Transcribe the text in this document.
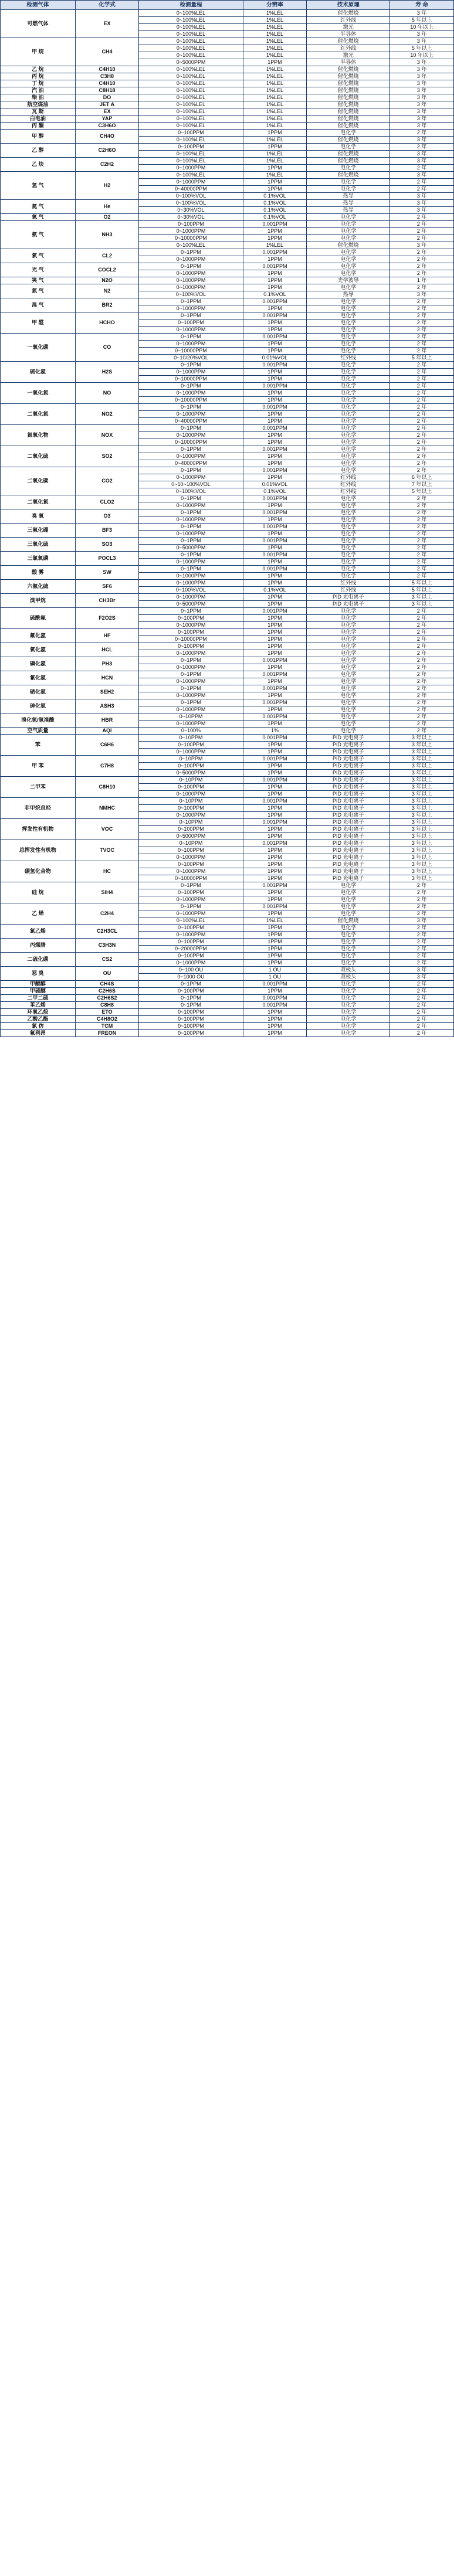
检测气体	化学式	检测量程	分辨率	技术原理	寿 命
可燃气体	EX	0~100%LEL	1%LEL	催化燃烧	3 年
		0~100%LEL	1%LEL	红外线	5 年以上
		0~100%LEL	1%LEL	激光	10 年以上
		0~100%LEL	1%LEL	半导体	3 年
甲 烷	CH4	0~100%LEL	1%LEL	催化燃烧	3 年
		0~100%LEL	1%LEL	红外线	5 年以上
		0~100%LEL	1%LEL	激光	10 年以上
		0~5000PPM	1PPM	半导体	3 年
乙 烷	C4H10	0~100%LEL	1%LEL	催化燃烧	3 年
丙 烷	C3H8	0~100%LEL	1%LEL	催化燃烧	3 年
丁 烷	C4H10	0~100%LEL	1%LEL	催化燃烧	3 年
汽 油	C8H18	0~100%LEL	1%LEL	催化燃烧	3 年
柴 油	DO	0~100%LEL	1%LEL	催化燃烧	3 年
航空煤油	JET A	0~100%LEL	1%LEL	催化燃烧	3 年
瓦 斯	EX	0~100%LEL	1%LEL	催化燃烧	3 年
白电油	YAP	0~100%LEL	1%LEL	催化燃烧	3 年
丙 酮	C3H6O	0~100%LEL	1%LEL	催化燃烧	3 年
甲 醇	CH4O	0~100PPM	1PPM	电化学	2 年
		0~100%LEL	1%LEL	催化燃烧	3 年
乙 醇	C2H6O	0~100PPM	1PPM	电化学	2 年
		0~100%LEL	1%LEL	催化燃烧	3 年
乙 炔	C2H2	0~100%LEL	1%LEL	催化燃烧	3 年
		0~1000PPM	1PPM	电化学	2 年
氢 气	H2	0~100%LEL	1%LEL	催化燃烧	3 年
		0~1000PPM	1PPM	电化学	2 年
		0~40000PPM	1PPM	电化学	2 年
		0~100%VOL	0.1%VOL	热导	3 年
氦 气	He	0~100%VOL	0.1%VOL	热导	3 年
		0~30%VOL	0.1%VOL	热导	3 年
氧 气	O2	0~30%VOL	0.1%VOL	电化学	2 年
氨 气	NH3	0~100PPM	0.001PPM	电化学	2 年
		0~1000PPM	1PPM	电化学	2 年
		0~10000PPM	1PPM	电化学	2 年
		0~100%LEL	1%LEL	催化燃烧	3 年
氯 气	CL2	0~1PPM	0.001PPM	电化学	2 年
		0~1000PPM	1PPM	电化学	2 年
光 气	COCL2	0~1PPM	0.001PPM	电化学	2 年
		0~1000PPM	1PPM	电化学	2 年
笑 气	N2O	0~1000PPM	1PPM	光学波导	1 年
氮 气	N2	0~1000PPM	1PPM	电化学	2 年
		0~100%VOL	0.1%VOL	热导	3 年
溴 气	BR2	0~1PPM	0.001PPM	电化学	2 年
		0~1000PPM	1PPM	电化学	2 年
甲 醛	HCHO	0~1PPM	0.001PPM	电化学	2 年
		0~100PPM	1PPM	电化学	2 年
		0~1000PPM	1PPM	电化学	2 年
一氧化碳	CO	0~1PPM	0.001PPM	电化学	2 年
		0~1000PPM	1PPM	电化学	2 年
		0~10000PPM	1PPM	电化学	2 年
		0~10/20%VOL	0.01%VOL	红外线	5 年以上
硫化氢	H2S	0~1PPM	0.001PPM	电化学	2 年
		0~1000PPM	1PPM	电化学	2 年
		0~10000PPM	1PPM	电化学	2 年
一氧化氮	NO	0~1PPM	0.001PPM	电化学	2 年
		0~1000PPM	1PPM	电化学	2 年
		0~10000PPM	1PPM	电化学	2 年
二氧化氮	NO2	0~1PPM	0.001PPM	电化学	2 年
		0~1000PPM	1PPM	电化学	2 年
		0~40000PPM	1PPM	电化学	2 年
氮氧化物	NOX	0~1PPM	0.001PPM	电化学	2 年
		0~1000PPM	1PPM	电化学	2 年
		0~10000PPM	1PPM	电化学	2 年
二氧化硫	SO2	0~1PPM	0.001PPM	电化学	2 年
		0~1000PPM	1PPM	电化学	2 年
		0~40000PPM	1PPM	电化学	2 年
二氧化碳	CO2	0~1PPM	0.001PPM	电化学	2 年
		0~1000PPM	1PPM	红外线	6 年以上
		0~10~100%VOL	0.01%VOL	红外线	7 年以上
		0~100%VOL	0.1%VOL	红外线	5 年以上
二氧化氯	CLO2	0~1PPM	0.001PPM	电化学	2 年
		0~1000PPM	1PPM	电化学	2 年
臭 氧	O3	0~1PPM	0.001PPM	电化学	2 年
		0~1000PPM	1PPM	电化学	2 年
三氟化硼	BF3	0~1PPM	0.001PPM	电化学	2 年
		0~1000PPM	1PPM	电化学	2 年
三氧化硫	SO3	0~1PPM	0.001PPM	电化学	2 年
		0~5000PPM	1PPM	电化学	2 年
三氯氧磷	POCL3	0~1PPM	0.001PPM	电化学	2 年
		0~1000PPM	1PPM	电化学	2 年
酸 雾	SW	0~1PPM	0.001PPM	电化学	2 年
		0~1000PPM	1PPM	电化学	2 年
六氟化硫	SF6	0~1000PPM	1PPM	红外线	5 年以上
		0~100%VOL	0.1%VOL	红外线	5 年以上
溴甲烷	CH3Br	0~1000PPM	1PPM	PID 光电离子	3 年以上
		0~5000PPM	1PPM	PID 光电离子	3 年以上
硫酰氟	F2O2S	0~1PPM	0.001PPM	电化学	2 年
		0~100PPM	1PPM	电化学	2 年
		0~1000PPM	1PPM	电化学	2 年
氟化氢	HF	0~100PPM	1PPM	电化学	2 年
		0~10000PPM	1PPM	电化学	2 年
氯化氢	HCL	0~100PPM	1PPM	电化学	2 年
		0~1000PPM	1PPM	电化学	2 年
磷化氢	PH3	0~1PPM	0.001PPM	电化学	2 年
		0~1000PPM	1PPM	电化学	2 年
氰化氢	HCN	0~1PPM	0.001PPM	电化学	2 年
		0~1000PPM	1PPM	电化学	2 年
硒化氢	SEH2	0~1PPM	0.001PPM	电化学	2 年
		0~1000PPM	1PPM	电化学	2 年
砷化氢	ASH3	0~1PPM	0.001PPM	电化学	2 年
		0~1000PPM	1PPM	电化学	2 年
溴化氢/氢溴酸	HBR	0~10PPM	0.001PPM	电化学	2 年
		0~1000PPM	1PPM	电化学	2 年
空气质量	AQI	0~100%	1%	电化学	2 年
苯	C6H6	0~10PPM	0.001PPM	PID 光电离子	3 年以上
		0~100PPM	1PPM	PID 光电离子	3 年以上
		0~1000PPM	1PPM	PID 光电离子	3 年以上
甲 苯	C7H8	0~10PPM	0.001PPM	PID 光电离子	3 年以上
		0~100PPM	1PPM	PID 光电离子	3 年以上
		0~5000PPM	1PPM	PID 光电离子	3 年以上
二甲苯	C8H10	0~10PPM	0.001PPM	PID 光电离子	3 年以上
		0~100PPM	1PPM	PID 光电离子	3 年以上
		0~1000PPM	1PPM	PID 光电离子	3 年以上
非甲烷总烃	NMHC	0~10PPM	0.001PPM	PID 光电离子	3 年以上
		0~100PPM	1PPM	PID 光电离子	3 年以上
		0~1000PPM	1PPM	PID 光电离子	3 年以上
挥发性有机物	VOC	0~10PPM	0.001PPM	PID 光电离子	3 年以上
		0~100PPM	1PPM	PID 光电离子	3 年以上
		0~5000PPM	1PPM	PID 光电离子	3 年以上
总挥发性有机物	TVOC	0~10PPM	0.001PPM	PID 光电离子	3 年以上
		0~100PPM	1PPM	PID 光电离子	3 年以上
		0~1000PPM	1PPM	PID 光电离子	3 年以上
碳氢化合物	HC	0~100PPM	1PPM	PID 光电离子	3 年以上
		0~1000PPM	1PPM	PID 光电离子	3 年以上
		0~10000PPM	1PPM	PID 光电离子	3 年以上
硅 烷	SIH4	0~1PPM	0.001PPM	电化学	2 年
		0~100PPM	1PPM	电化学	2 年
		0~1000PPM	1PPM	电化学	2 年
乙 烯	C2H4	0~1PPM	0.001PPM	电化学	2 年
		0~1000PPM	1PPM	电化学	2 年
		0~100%LEL	1%LEL	催化燃烧	3 年
氯乙烯	C2H3CL	0~100PPM	1PPM	电化学	2 年
		0~1000PPM	1PPM	电化学	2 年
丙烯腈	C3H3N	0~100PPM	1PPM	电化学	2 年
		0~20000PPM	1PPM	电化学	2 年
二硫化碳	CS2	0~100PPM	1PPM	电化学	2 年
		0~1000PPM	1PPM	电化学	2 年
恶 臭	OU	0~100 OU	1 OU	双极头	3 年
		0~1000 OU	1 OU	双极头	3 年
甲醚醇	CH4S	0~1PPM	0.001PPM	电化学	2 年
甲硫醚	C2H6S	0~100PPM	1PPM	电化学	2 年
二甲二硫	C2H6S2	0~1PPM	0.001PPM	电化学	2 年
苯乙烯	C8H8	0~1PPM	0.001PPM	电化学	2 年
环氧乙烷	ETO	0~100PPM	1PPM	电化学	2 年
乙酸乙酯	C4H8O2	0~100PPM	1PPM	电化学	2 年
氯 仿	TCM	0~100PPM	1PPM	电化学	2 年
氟利昂	FREON	0~100PPM	1PPM	电化学	2 年
